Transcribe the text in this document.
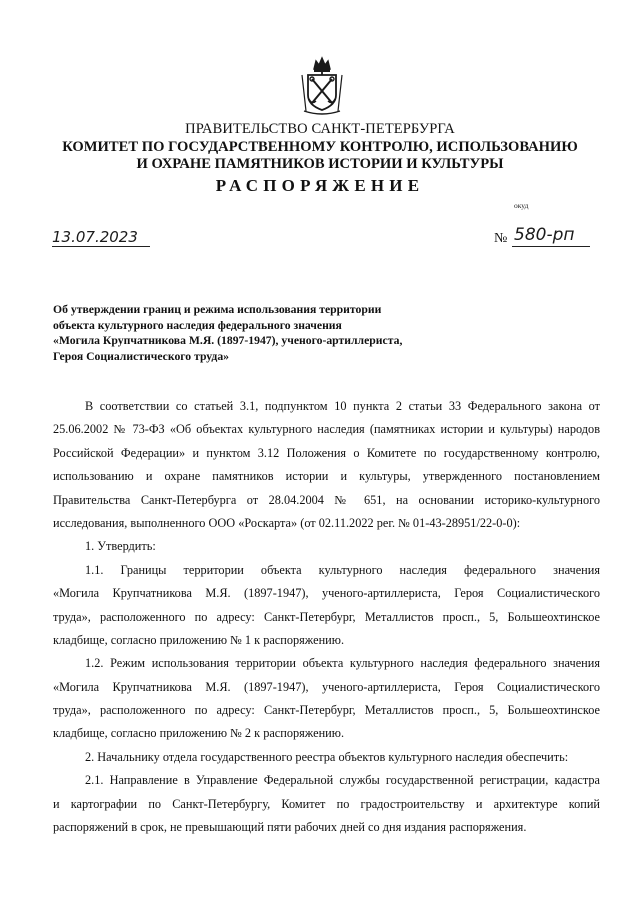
ПРАВИТЕЛЬСТВО САНКТ-ПЕТЕРБУРГА
КОМИТЕТ ПО ГОСУДАРСТВЕННОМУ КОНТРОЛЮ, ИСПОЛЬЗОВАНИЮ
И ОХРАНЕ ПАМЯТНИКОВ ИСТОРИИ И КУЛЬТУРЫ
РАСПОРЯЖЕНИЕ
окуд
13.07.2023	№ 580-рп
Об утверждении границ и режима использования территории
объекта культурного наследия федерального значения
«Могила Крупчатникова М.Я. (1897-1947), ученого-артиллериста,
Героя Социалистического труда»
В соответствии со статьей 3.1, подпунктом 10 пункта 2 статьи 33 Федерального закона от
25.06.2002 № 73-ФЗ «Об объектах культурного наследия (памятниках истории и культуры) народов
Российской Федерации» и пунктом 3.12 Положения о Комитете по государственному контролю,
использованию и охране памятников истории и культуры, утвержденного постановлением
Правительства Санкт-Петербурга от 28.04.2004 № 651, на основании историко-культурного
исследования, выполненного ООО «Роскарта» (от 02.11.2022 рег. № 01-43-28951/22-0-0):
1. Утвердить:
1.1. Границы территории объекта культурного наследия федерального значения
«Могила Крупчатникова М.Я. (1897-1947), ученого-артиллериста, Героя Социалистического
труда», расположенного по адресу: Санкт-Петербург, Металлистов просп., 5, Большеохтинское
кладбище, согласно приложению № 1 к распоряжению.
1.2. Режим использования территории объекта культурного наследия федерального значения
«Могила Крупчатникова М.Я. (1897-1947), ученого-артиллериста, Героя Социалистического
труда», расположенного по адресу: Санкт-Петербург, Металлистов просп., 5, Большеохтинское
кладбище, согласно приложению № 2 к распоряжению.
2. Начальнику отдела государственного реестра объектов культурного наследия обеспечить:
2.1. Направление в Управление Федеральной службы государственной регистрации, кадастра
и картографии по Санкт-Петербургу, Комитет по градостроительству и архитектуре копий
распоряжений в срок, не превышающий пяти рабочих дней со дня издания распоряжения.
